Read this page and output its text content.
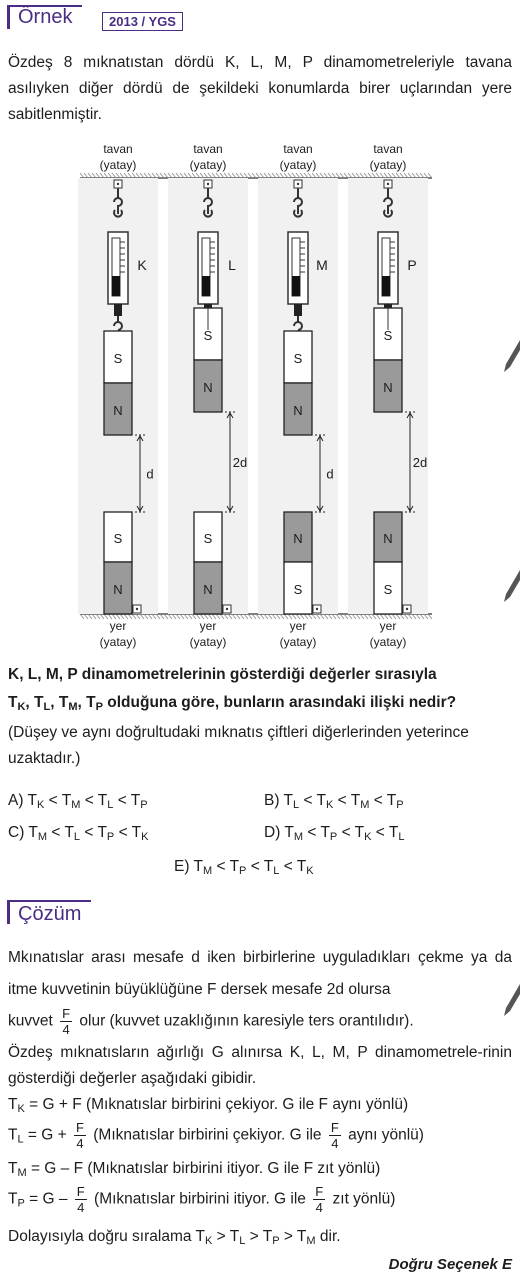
Örnek	2013 / YGS
Özdeş 8 mıknatıstan dördü K, L, M, P dinamometreleriyle tavana asılıyken diğer dördü de şekildeki konumlarda birer uçlarından yere sabitlenmiştir.
tavan
(yatay)
K
S
N
S
N
d
yer
(yatay)
tavan
(yatay)
L
S
N
S
N
2d
yer
(yatay)
tavan
(yatay)
M
S
N
N
S
d
yer
(yatay)
tavan
(yatay)
P
S
N
N
S
2d
yer
(yatay)
K, L, M, P dinamometrelerinin gösterdiği değerler sırasıyla
$T_K$, $T_L$, $T_M$, $T_P$ olduğuna göre, bunların arasındaki ilişki nedir?
(Düşey ve aynı doğrultudaki mıknatıs çiftleri diğerlerinden yeterince uzaktadır.)
A) $T_K < T_M < T_L < T_P$	B) $T_L < T_K < T_M < T_P$
C) $T_M < T_L < T_P < T_K$	D) $T_M < T_P < T_K < T_L$
E) $T_M < T_P < T_L < T_K$
Çözüm
Mkınatıslar arası mesafe d iken birbirlerine uyguladıkları çekme ya da itme kuvvetinin büyüklüğüne F dersek mesafe 2d olursa
kuvvet $\frac{F}{4}$ olur (kuvvet uzaklığının karesiyle ters orantılıdır).
Özdeş mıknatısların ağırlığı G alınırsa K, L, M, P dinamometrele-rinin gösterdiği değerler aşağıdaki gibidir.
$T_K = G + F$ (Mıknatıslar birbirini çekiyor. G ile F aynı yönlü)
$T_L = G + \frac{F}{4}$ (Mıknatıslar birbirini çekiyor. G ile $\frac{F}{4}$ aynı yönlü)
$T_M = G - F$ (Mıknatıslar birbirini itiyor. G ile F zıt yönlü)
$T_P = G - \frac{F}{4}$ (Mıknatıslar birbirini itiyor. G ile $\frac{F}{4}$ zıt yönlü)
Dolayısıyla doğru sıralama $T_K > T_L > T_P > T_M$ dir.
Doğru Seçenek E
